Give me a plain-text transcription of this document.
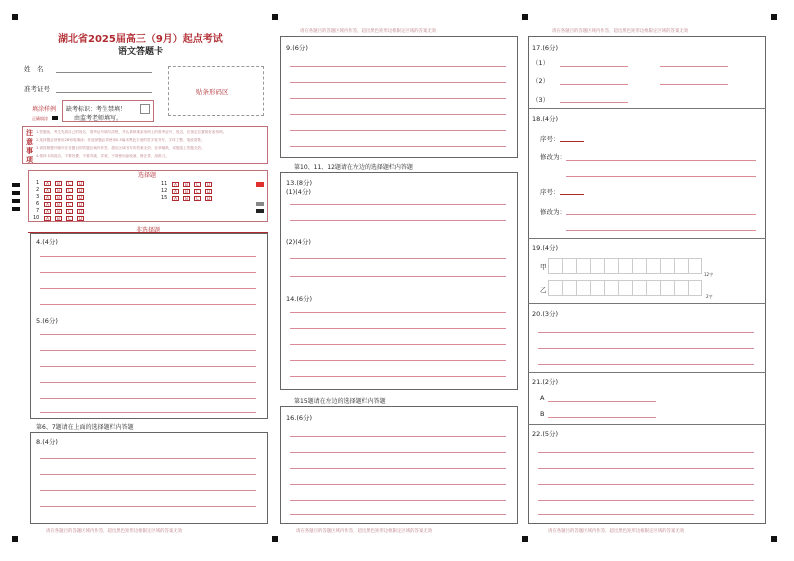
湖北省2025届高三（9月）起点考试
语文答题卡
姓　名
准考证号	贴条形码区
填涂样例
正确填涂
缺考标识：考生禁填！
由监考老师填写。
注
意
事
项
1.答题前，考生先将自己的姓名、准考证号填写清楚，并认真核准条形码上的准考证号、姓名，在规定位置贴好条形码。
2.选择题必须使用2B铅笔填涂；非选择题必须使用0.5毫米黑色字迹的签字笔书写，字体工整、笔迹清楚。
3.请按照题号顺序在各题目的答题区域内作答，超出区域书写的答案无效；在草稿纸、试题卷上答题无效。
4.保持卡面清洁，不要折叠、不要弄破、弄皱，不准使用涂改液、修正带、刮纸刀。
选择题
1	A	B	C	D
2	A	B	C	D
3	A	B	C	D
6	A	B	C	D
7	A	B	C	D
10	A	B	C	D
11	A	B	C	D
12	A	B	C	D
15	A	B	C	D
非选择题
4.(4分)
5.(6分)
第6、7题请在上面的选择题栏内答题
8.(4分)
请在各题目的答题区域内作答，超出黑色矩形边框限定区域的答案无效
请在各题目的答题区域内作答，超出黑色矩形边框限定区域的答案无效
9.(6分)
第10、11、12题请在左边的选择题栏内答题
13.(8分)
(1)(4分)
(2)(4分)
14.(6分)
第15题请在左边的选择题栏内答题
16.(6分)
请在各题目的答题区域内作答，超出黑色矩形边框限定区域的答案无效
请在各题目的答题区域内作答，超出黑色矩形边框限定区域的答案无效
17.(6分)
（1）
（2）
（3）
18.(4分)
序号：
修改为：
序号：
修改为：
19.(4分)
甲
12字
乙
2字
20.(3分)
21.(2分)
A
B
22.(5分)
请在各题目的答题区域内作答，超出黑色矩形边框限定区域的答案无效
